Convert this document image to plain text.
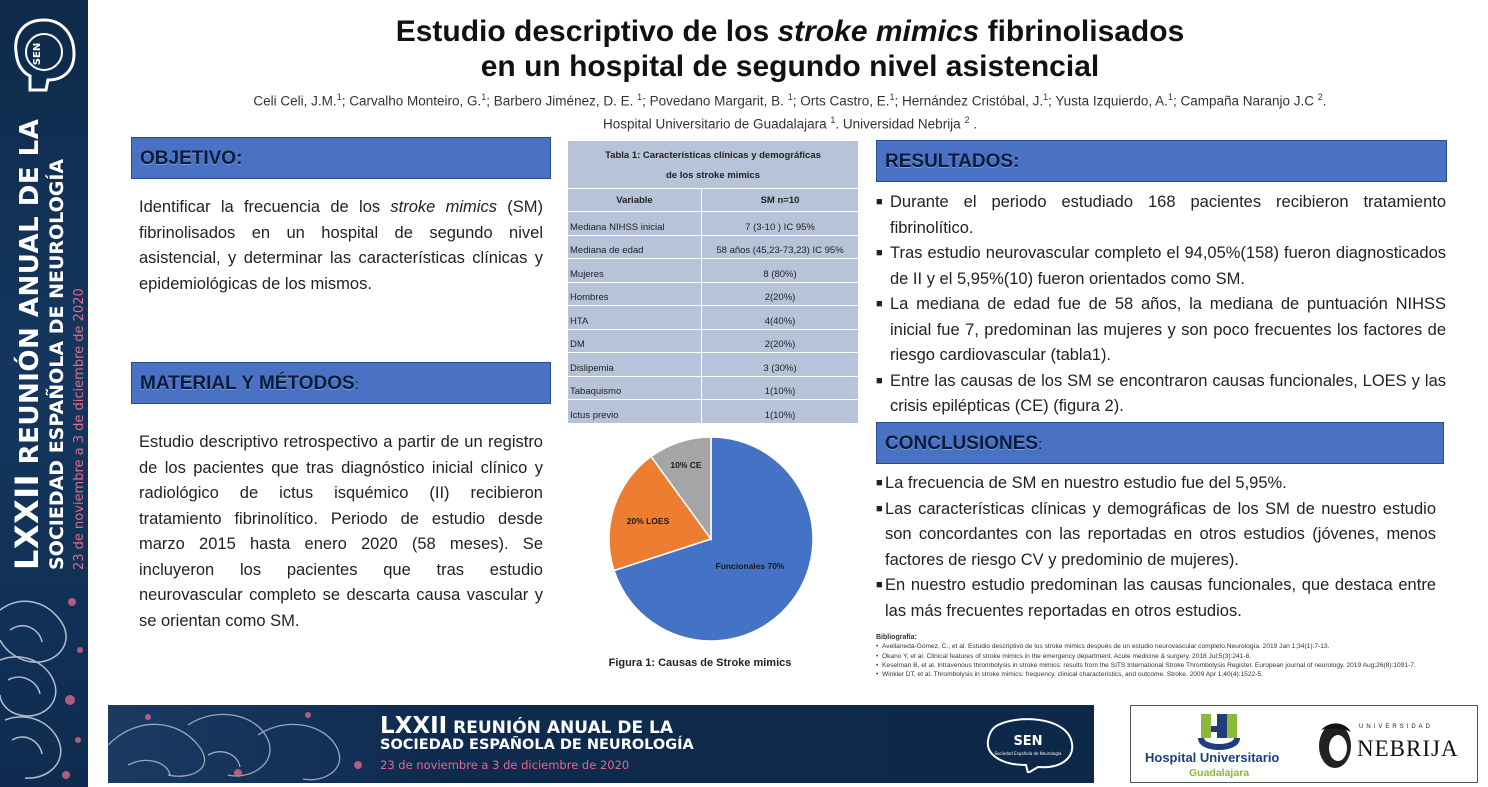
SEN
LXXII REUNIÓN ANUAL DE LA SOCIEDAD ESPAÑOLA DE NEUROLOGÍA 23 de noviembre a 3 de diciembre de 2020
Estudio descriptivo de los stroke mimics fibrinolisados
en un hospital de segundo nivel asistencial
Celi Celi, J.M.$^1$; Carvalho Monteiro, G.$^1$; Barbero Jiménez, D. E. $^1$; Povedano Margarit, B. $^1$; Orts Castro, E.$^1$; Hernández Cristóbal, J.$^1$; Yusta Izquierdo, A.$^1$; Campaña Naranjo J.C $^2$.
Hospital Universitario de Guadalajara $^1$. Universidad Nebrija $^2$ .
OBJETIVO:
Identificar la frecuencia de los stroke mimics (SM) fibrinolisados en un hospital de segundo nivel asistencial, y determinar las características clínicas y epidemiológicas de los mismos.
MATERIAL Y MÉTODOS:
Estudio descriptivo retrospectivo a partir de un registro de los pacientes que tras diagnóstico inicial clínico y radiológico de ictus isquémico (II) recibieron tratamiento fibrinolítico. Periodo de estudio desde marzo 2015 hasta enero 2020 (58 meses). Se incluyeron los pacientes que tras estudio neurovascular completo se descarta causa vascular y se orientan como SM.
Tabla 1: Características clínicas y demográficas
de los stroke mimics	

Variable	SM n=10
Mediana NIHSS inicial	7 (3-10 ) IC 95%
Mediana de edad	58 años (45,23-73,23) IC 95%
Mujeres	8 (80%)
Hombres	2(20%)
HTA	4(40%)
DM	2(20%)
Dislipemia	3 (30%)
Tabaquismo	1(10%)
Ictus previo	1(10%)
Funcionales 70%
20% LOES
10% CE
Figura 1: Causas de Stroke mimics
RESULTADOS:
■ Durante el periodo estudiado 168 pacientes recibieron tratamiento fibrinolítico.
■ Tras estudio neurovascular completo el 94,05%(158) fueron diagnosticados de II y el 5,95%(10) fueron orientados como SM.
■ La mediana de edad fue de 58 años, la mediana de puntuación NIHSS inicial fue 7, predominan las mujeres y son poco frecuentes los factores de riesgo cardiovascular (tabla1).
■ Entre las causas de los SM se encontraron causas funcionales, LOES y las crisis epilépticas (CE) (figura 2).
CONCLUSIONES:
■ La frecuencia de SM en nuestro estudio fue del 5,95%.
■ Las características clínicas y demográficas de los SM de nuestro estudio son concordantes con las reportadas en otros estudios (jóvenes, menos factores de riesgo CV y predominio de mujeres).
■ En nuestro estudio predominan las causas funcionales, que destaca entre las más frecuentes reportadas en otros estudios.
Bibliografía:
• Avellaneda-Gómez, C., et al. Estudio descriptivo de los stroke mimics después de un estudio neurovascular completo.Neurología. 2019 Jan 1;34(1):7-13.
• Okano Y, et al. Clinical features of stroke mimics in the emergency department. Acute medicine & surgery. 2018 Jul;5(3):241-8.
• Keselman B, et al. Intravenous thrombolysis in stroke mimics: results from the SITS International Stroke Thrombolysis Register. European journal of neurology. 2019 Aug;26(8):1091-7.
• Winkler DT, et al. Thrombolysis in stroke mimics: frequency, clinical characteristics, and outcome. Stroke. 2009 Apr 1;40(4):1522-5.
LXXII REUNIÓN ANUAL DE LA
SOCIEDAD ESPAÑOLA DE NEUROLOGÍA
23 de noviembre a 3 de diciembre de 2020
SEN
Sociedad Española de Neurología	Hospital Universitario
Guadalajara
UNIVERSIDAD
NEBRIJA
